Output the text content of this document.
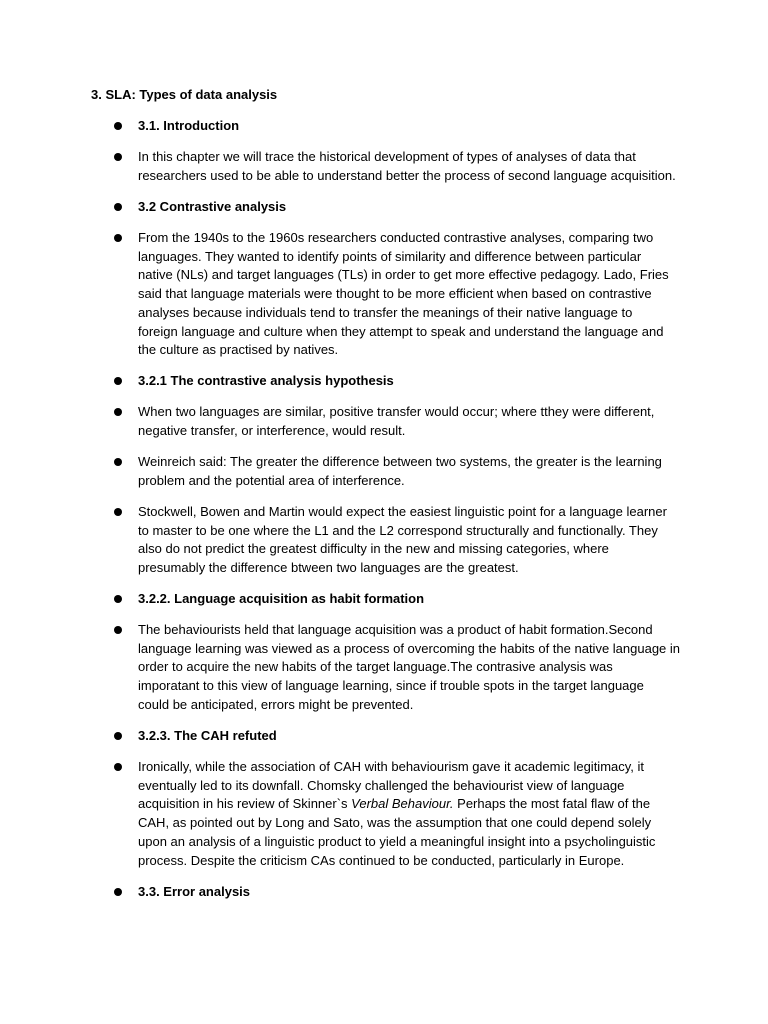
3. SLA: Types of data analysis
3.1. Introduction
In this chapter we will trace the historical development of types of analyses of data that
researchers used to be able to understand better the process of second language acquisition.
3.2 Contrastive analysis
From the 1940s to the 1960s researchers conducted contrastive analyses, comparing two
languages. They wanted to identify points of similarity and difference between particular
native (NLs) and target languages (TLs) in order to get more effective pedagogy. Lado, Fries
said that language materials were thought to be more efficient when based on contrastive
analyses because individuals tend to transfer the meanings of their native language to
foreign language and culture when they attempt to speak and understand the language and
the culture as practised by natives.
3.2.1 The contrastive analysis hypothesis
When two languages are similar, positive transfer would occur; where tthey were different,
negative transfer, or interference, would result.
Weinreich said: The greater the difference between two systems, the greater is the learning
problem and the potential area of interference.
Stockwell, Bowen and Martin would expect the easiest linguistic point for a language learner
to master to be one where the L1 and the L2 correspond structurally and functionally. They
also do not predict the greatest difficulty in the new and missing categories, where
presumably the difference btween two languages are the greatest.
3.2.2. Language acquisition as habit formation
The behaviourists held that language acquisition was a product of habit formation.Second
language learning was viewed as a process of overcoming the habits of the native language in
order to acquire the new habits of the target language.The contrasive analysis was
imporatant to this view of language learning, since if trouble spots in the target language
could be anticipated, errors might be prevented.
3.2.3. The CAH refuted
Ironically, while the association of CAH with behaviourism gave it academic legitimacy, it
eventually led to its downfall. Chomsky challenged the behaviourist view of language
acquisition in his review of Skinner`s Verbal Behaviour. Perhaps the most fatal flaw of the
CAH, as pointed out by Long and Sato, was the assumption that one could depend solely
upon an analysis of a linguistic product to yield a meaningful insight into a psycholinguistic
process. Despite the criticism CAs continued to be conducted, particularly in Europe.
3.3. Error analysis
